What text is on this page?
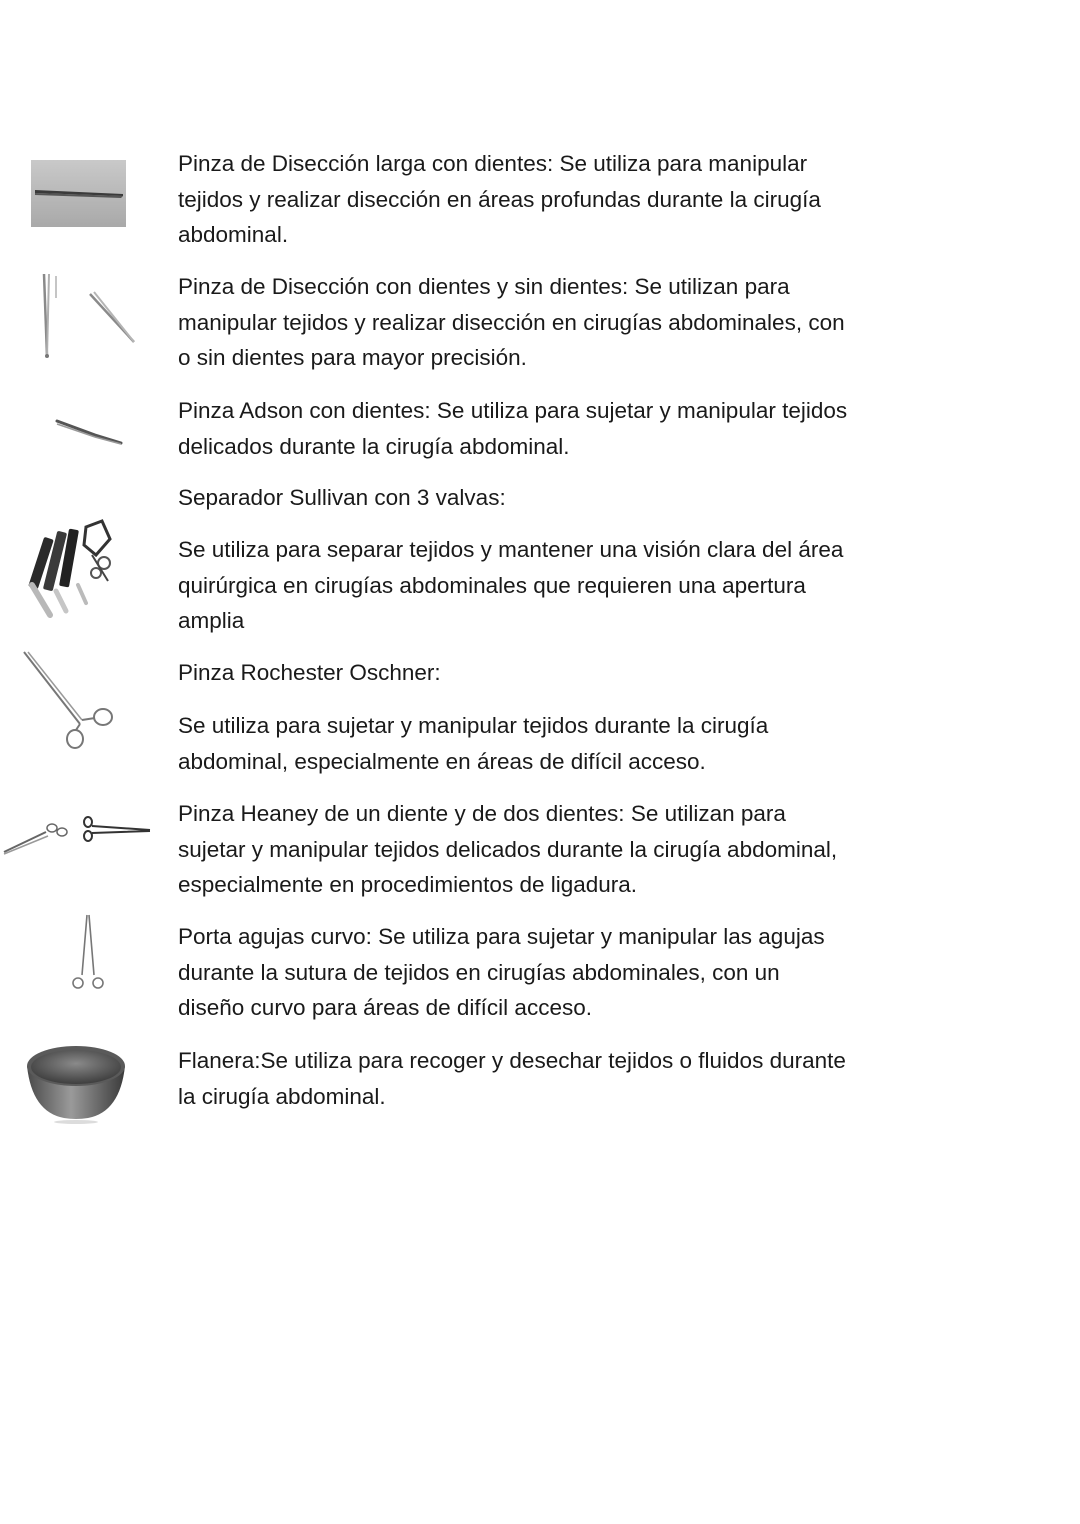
Pinza de Disección larga con dientes: Se utiliza para manipular
tejidos y realizar disección en áreas profundas durante la cirugía
abdominal.

Pinza de Disección con dientes y sin dientes: Se utilizan para
manipular tejidos y realizar disección en cirugías abdominales, con
o sin dientes para mayor precisión.

Pinza Adson con dientes: Se utiliza para sujetar y manipular tejidos
delicados durante la cirugía abdominal.

Separador Sullivan con 3 valvas:

Se utiliza para separar tejidos y mantener una visión clara del área
quirúrgica en cirugías abdominales que requieren una apertura
amplia

Pinza Rochester Oschner:

Se utiliza para sujetar y manipular tejidos durante la cirugía
abdominal, especialmente en áreas de difícil acceso.

Pinza Heaney de un diente y de dos dientes: Se utilizan para
sujetar y manipular tejidos delicados durante la cirugía abdominal,
especialmente en procedimientos de ligadura.

Porta agujas curvo: Se utiliza para sujetar y manipular las agujas
durante la sutura de tejidos en cirugías abdominales, con un
diseño curvo para áreas de difícil acceso.

Flanera:Se utiliza para recoger y desechar tejidos o fluidos durante
la cirugía abdominal.
